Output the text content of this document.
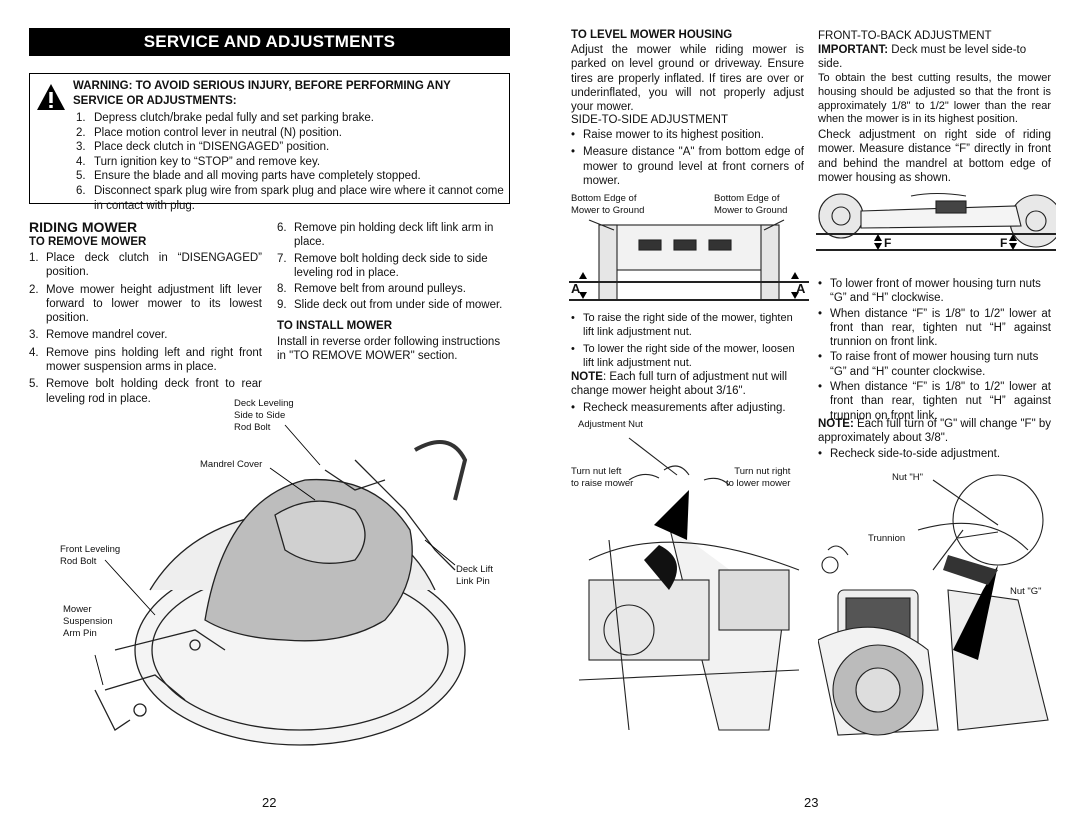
SERVICE AND ADJUSTMENTS
WARNING: TO AVOID SERIOUS INJURY, BEFORE PERFORMING ANY SERVICE OR ADJUSTMENTS:
1. Depress clutch/brake pedal fully and set parking brake.
2. Place motion control lever in neutral (N) position.
3. Place deck clutch in “DISENGAGED” position.
4. Turn ignition key to “STOP” and remove key.
5. Ensure the blade and all moving parts have completely stopped.
6. Disconnect spark plug wire from spark plug and place wire where it cannot come in contact with plug.
RIDING MOWER
TO REMOVE MOWER
1. Place deck clutch in “DISENGAGED” position.
2. Move mower height adjustment lift lever forward to lower mower to its lowest position.
3. Remove mandrel cover.
4. Remove pins holding left and right front mower suspension arms in place.
5. Remove bolt holding deck front to rear leveling rod in place.
6. Remove pin holding deck lift link arm in place.
7. Remove bolt holding deck side to side leveling rod in place.
8. Remove belt from around pulleys.
9. Slide deck out from under side of mower.
TO INSTALL MOWER
Install in reverse order following instructions in "TO REMOVE MOWER" section.
Deck Leveling
Side to Side
Rod Bolt
Mandrel Cover
Front Leveling
Rod Bolt
Deck Lift
Link Pin
Mower
Suspension
Arm Pin
22
TO LEVEL MOWER HOUSING
Adjust the mower while riding mower is parked on level ground or driveway. Ensure tires are properly inflated. If tires are over or underinflated, you will not properly adjust your mower.
SIDE-TO-SIDE ADJUSTMENT
• Raise mower to its highest position.
• Measure distance "A" from bottom edge of mower to ground level at front corners of mower.
Bottom Edge of
Mower to Ground
Bottom Edge of
Mower to Ground
A	A
• To raise the right side of the mower, tighten lift link adjustment nut.
• To lower the right side of the mower, loosen lift link adjustment nut.
NOTE: Each full turn of adjustment nut will change mower height about 3/16".
• Recheck measurements after adjusting.
Adjustment Nut
Turn nut left
to raise mower
Turn nut right
to lower mower
23
FRONT-TO-BACK ADJUSTMENT
IMPORTANT: Deck must be level side-to side.
To obtain the best cutting results, the mower housing should be adjusted so that the front is approximately 1/8" to 1/2" lower than the rear when the mower is in its highest position.
Check adjustment on right side of riding mower. Measure distance “F” directly in front and behind the mandrel at bottom edge of mower housing as shown.
F	F
• To lower front of mower housing turn nuts “G” and “H” clockwise.
• When distance “F” is 1/8" to 1/2" lower at front than rear, tighten nut “H” against trunnion on front link.
• To raise front of mower housing turn nuts “G” and “H” counter clockwise.
• When distance “F” is 1/8" to 1/2" lower at front than rear, tighten nut “H” against trunnion on front link.
NOTE: Each full turn of "G" will change "F" by approximately about 3/8".
• Recheck side-to-side adjustment.
Nut "H"
Trunnion
Nut "G"
